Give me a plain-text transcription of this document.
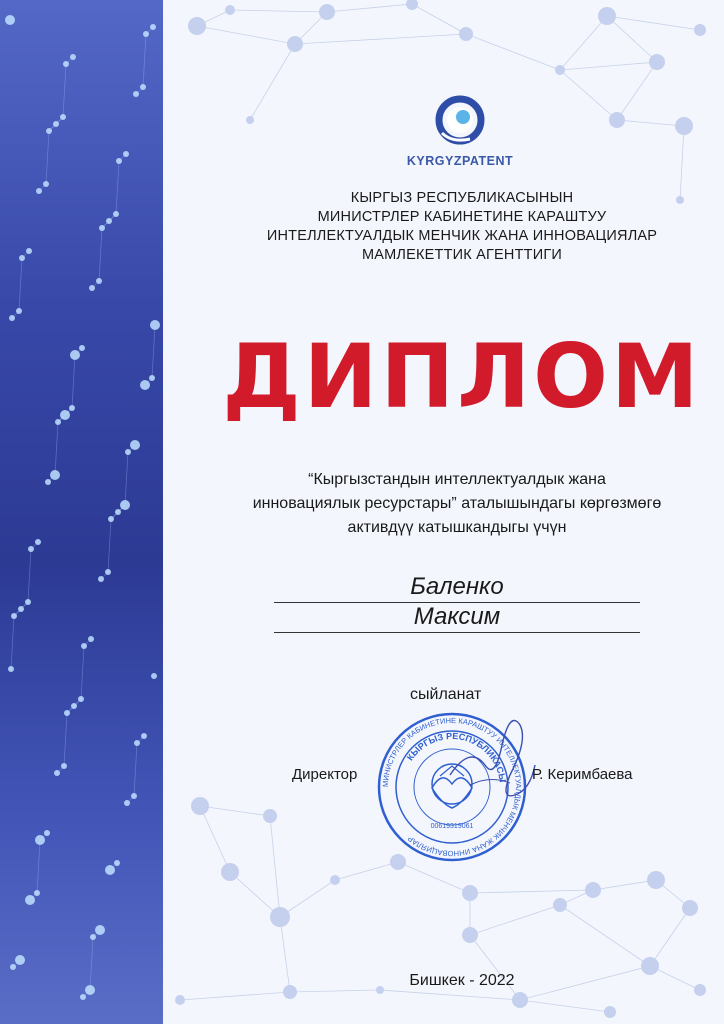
KYRGYZPATENT
КЫРГЫЗ РЕСПУБЛИКАСЫНЫН
МИНИСТРЛЕР КАБИНЕТИНЕ КАРАШТУУ
ИНТЕЛЛЕКТУАЛДЫК МЕНЧИК ЖАНА ИННОВАЦИЯЛАР
МАМЛЕКЕТТИК АГЕНТТИГИ
ДИПЛОМ
“Кыргызстандын интеллектуалдык жана
инновациялык ресурстары” аталышындагы көргөзмөгө
активдүү катышкандыгы үчүн
Баленко
Максим
сыйланат
МИНИСТРЛЕР КАБИНЕТИНЕ КАРАШТУУ ИНТЕЛЛЕКТУАЛДЫК МЕНЧИК ЖАНА ИННОВАЦИЯЛАР
КЫРГЫЗ РЕСПУБЛИКАСЫ
00619319061
Директор	Р. Керимбаева
Бишкек - 2022
